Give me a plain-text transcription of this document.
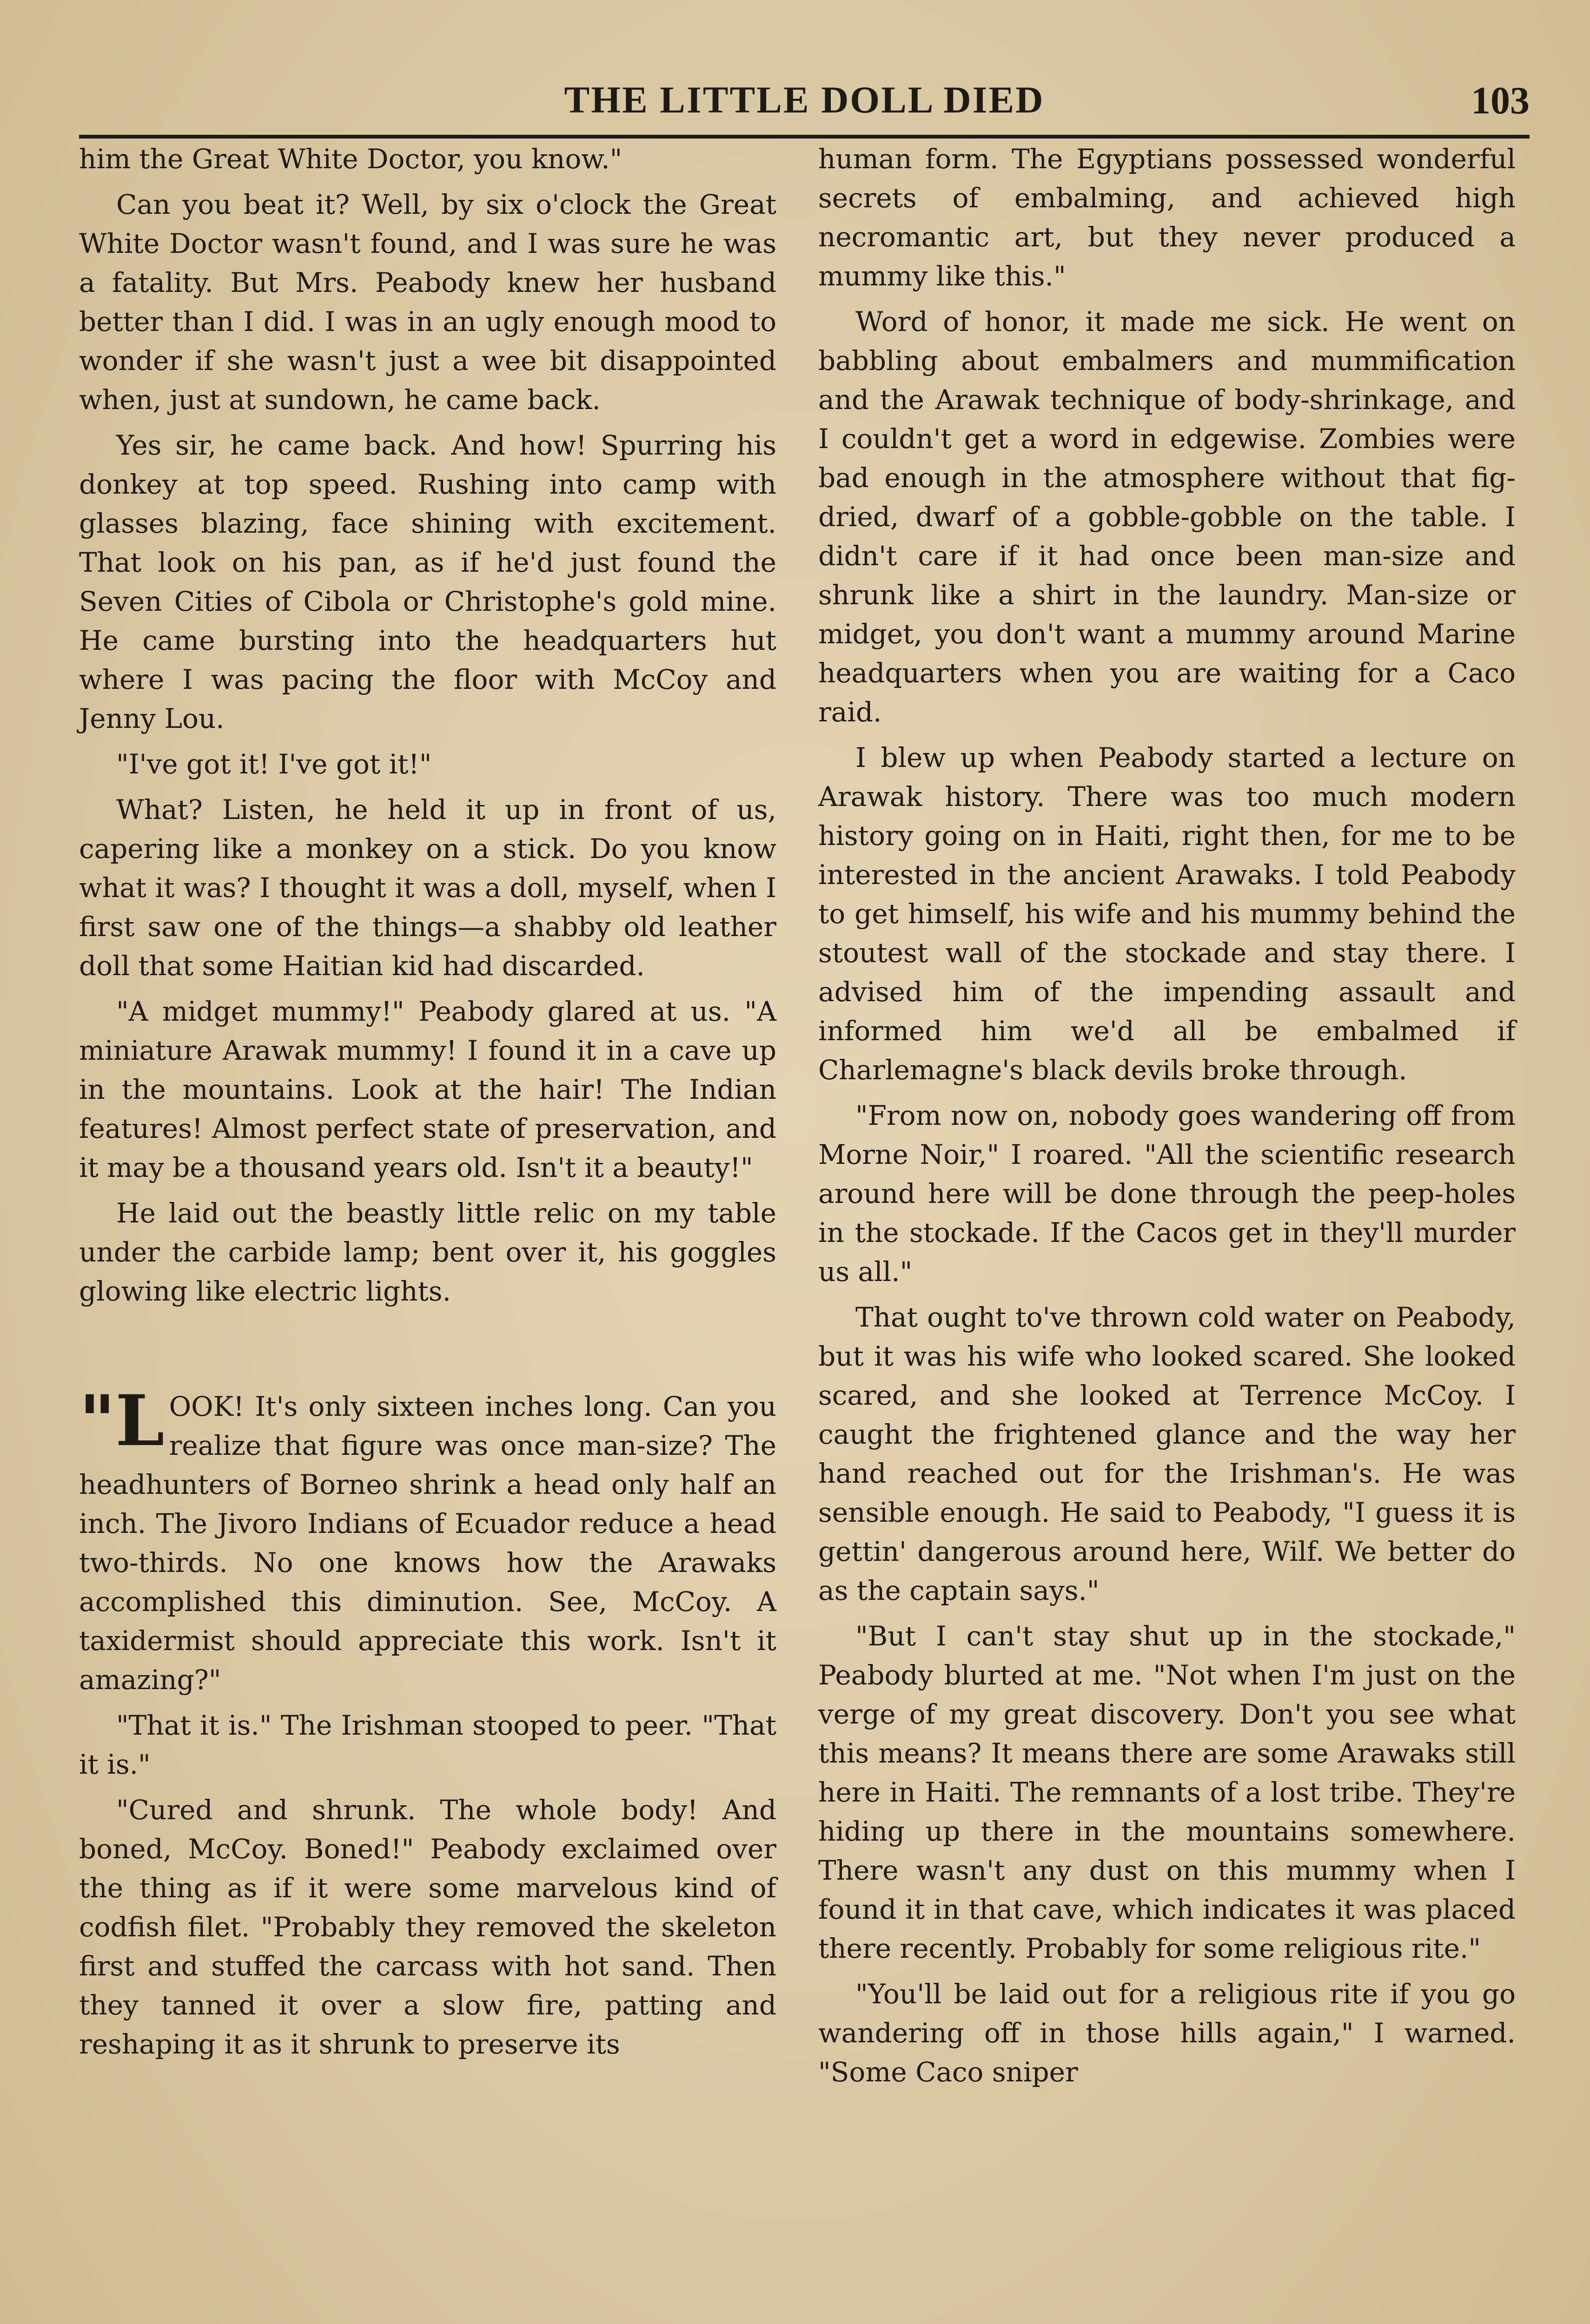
THE LITTLE DOLL DIED	103

him the Great White Doctor, you know."

Can you beat it? Well, by six o'clock the Great White Doctor wasn't found, and I was sure he was a fatality. But Mrs. Peabody knew her husband better than I did. I was in an ugly enough mood to wonder if she wasn't just a wee bit disappointed when, just at sundown, he came back.

Yes sir, he came back. And how! Spurring his donkey at top speed. Rushing into camp with glasses blazing, face shining with excitement. That look on his pan, as if he'd just found the Seven Cities of Cibola or Christophe's gold mine. He came bursting into the headquarters hut where I was pacing the floor with McCoy and Jenny Lou.

"I've got it! I've got it!"

What? Listen, he held it up in front of us, capering like a monkey on a stick. Do you know what it was? I thought it was a doll, myself, when I first saw one of the things—a shabby old leather doll that some Haitian kid had discarded.

"A midget mummy!" Peabody glared at us. "A miniature Arawak mummy! I found it in a cave up in the mountains. Look at the hair! The Indian features! Almost perfect state of preservation, and it may be a thousand years old. Isn't it a beauty!"

He laid out the beastly little relic on my table under the carbide lamp; bent over it, his goggles glowing like electric lights.

"LOOK! It's only sixteen inches long. Can you realize that figure was once man-size? The headhunters of Borneo shrink a head only half an inch. The Jivoro Indians of Ecuador reduce a head two-thirds. No one knows how the Arawaks accomplished this diminution. See, McCoy. A taxidermist should appreciate this work. Isn't it amazing?"

"That it is." The Irishman stooped to peer. "That it is."

"Cured and shrunk. The whole body! And boned, McCoy. Boned!" Peabody exclaimed over the thing as if it were some marvelous kind of codfish filet. "Probably they removed the skeleton first and stuffed the carcass with hot sand. Then they tanned it over a slow fire, patting and reshaping it as it shrunk to preserve its

human form. The Egyptians possessed wonderful secrets of embalming, and achieved high necromantic art, but they never produced a mummy like this."

Word of honor, it made me sick. He went on babbling about embalmers and mummification and the Arawak technique of body-shrinkage, and I couldn't get a word in edgewise. Zombies were bad enough in the atmosphere without that fig-dried, dwarf of a gobble-gobble on the table. I didn't care if it had once been man-size and shrunk like a shirt in the laundry. Man-size or midget, you don't want a mummy around Marine headquarters when you are waiting for a Caco raid.

I blew up when Peabody started a lecture on Arawak history. There was too much modern history going on in Haiti, right then, for me to be interested in the ancient Arawaks. I told Peabody to get himself, his wife and his mummy behind the stoutest wall of the stockade and stay there. I advised him of the impending assault and informed him we'd all be embalmed if Charlemagne's black devils broke through.

"From now on, nobody goes wandering off from Morne Noir," I roared. "All the scientific research around here will be done through the peep-holes in the stockade. If the Cacos get in they'll murder us all."

That ought to've thrown cold water on Peabody, but it was his wife who looked scared. She looked scared, and she looked at Terrence McCoy. I caught the frightened glance and the way her hand reached out for the Irishman's. He was sensible enough. He said to Peabody, "I guess it is gettin' dangerous around here, Wilf. We better do as the captain says."

"But I can't stay shut up in the stockade," Peabody blurted at me. "Not when I'm just on the verge of my great discovery. Don't you see what this means? It means there are some Arawaks still here in Haiti. The remnants of a lost tribe. They're hiding up there in the mountains somewhere. There wasn't any dust on this mummy when I found it in that cave, which indicates it was placed there recently. Probably for some religious rite."

"You'll be laid out for a religious rite if you go wandering off in those hills again," I warned. "Some Caco sniper
